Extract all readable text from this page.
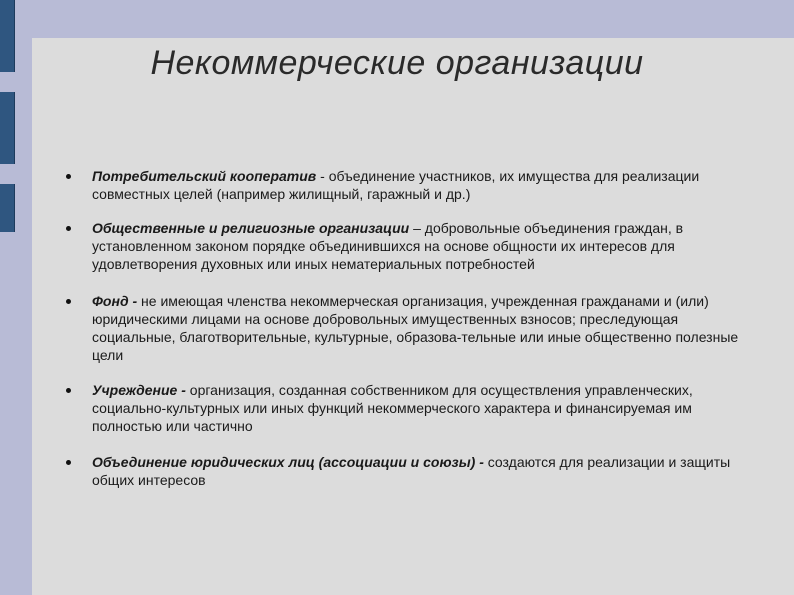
Некоммерческие организации
Потребительский кооператив - объединение участников, их имущества для реализации совместных целей (например жилищный, гаражный и др.)
Общественные и религиозные организации – добровольные объединения граждан, в установленном законом порядке объединившихся на основе общности их интересов для удовлетворения духовных или иных нематериальных потребностей
Фонд - не имеющая членства некоммерческая организация, учрежденная гражданами и (или) юридическими лицами на основе добровольных имущественных взносов; преследующая социальные, благотворительные, культурные, образова-тельные или иные общественно полезные цели
Учреждение - организация, созданная собственником для осуществления управленческих, социально-культурных или иных функций некоммерческого характера и финансируемая им полностью или частично
Объединение юридических лиц (ассоциации и союзы) - создаются для реализации и защиты общих интересов
